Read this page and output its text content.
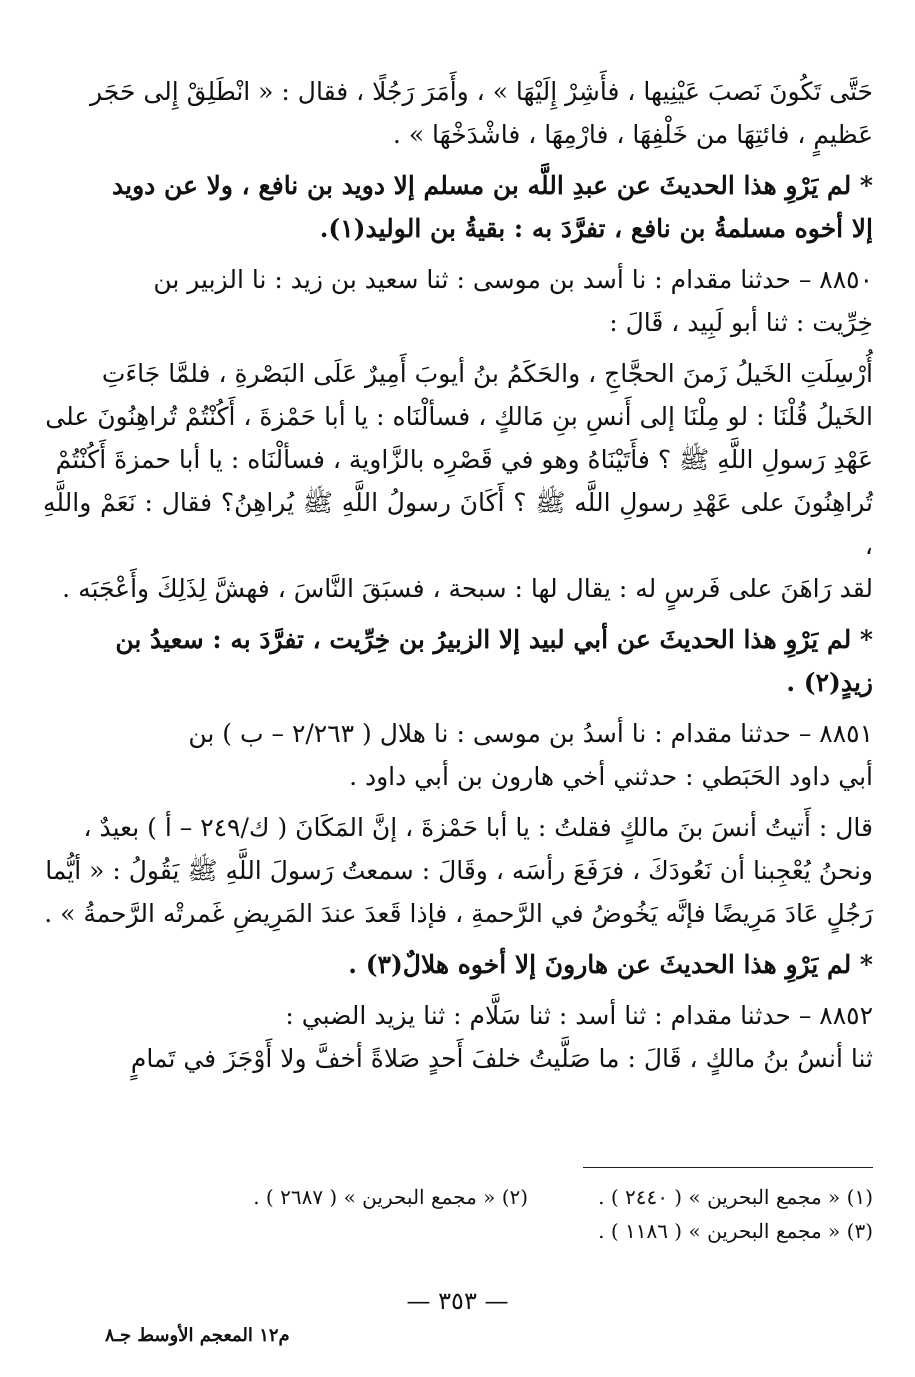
حَتَّى تَكُونَ نَصبَ عَيْنِيها ، فأَشِرْ إِلَيْهَا » ، وأَمَرَ رَجُلًا ، فقال : « انْطَلِقْ إِلى حَجَر
عَظيمٍ ، فائتِهَا من خَلْفِهَا ، فارْمِهَا ، فاشْدَخْهَا » .
* لم يَرْوِ هذا الحديثَ عن عبدِ اللَّه بن مسلم إلا دويد بن نافع ، ولا عن دويد
إلا أخوه مسلمةُ بن نافع ، تفرَّدَ به : بقيةُ بن الوليد(١).
٨٨٥٠ – حدثنا مقدام : نا أسد بن موسى : ثنا سعيد بن زيد : نا الزبير بن
خِرِّيت : ثنا أبو لَبِيد ، قَالَ :
أُرْسِلَتِ الخَيلُ زَمنَ الحجَّاجِ ، والحَكَمُ بنُ أيوبَ أَمِيرٌ عَلَى البَصْرةِ ، فلمَّا جَاءَتِ
الخَيلُ قُلْنَا : لو مِلْنَا إلى أَنسِ بنِ مَالكٍ ، فسألْنَاه : يا أبا حَمْزةَ ، أَكُنْتُمْ تُراهِنُونَ على
عَهْدِ رَسولِ اللَّهِ ﷺ ؟ فأَتَيْنَاهُ وهو في قَصْرِه بالزَّاوية ، فسألْنَاه : يا أبا حمزةَ أَكُنْتُمْ
تُراهِنُونَ على عَهْدِ رسولِ اللَّه ﷺ ؟ أَكَانَ رسولُ اللَّهِ ﷺ يُراهِنُ؟ فقال : نَعَمْ واللَّهِ ،
لقد رَاهَنَ على فَرسٍ له : يقال لها : سبحة ، فسبَقَ النَّاسَ ، فهشَّ لِذَلِكَ وأَعْجَبَه .
* لم يَرْوِ هذا الحديثَ عن أبي لبيد إلا الزبيرُ بن خِرِّيت ، تفرَّدَ به : سعيدُ بن
زيدٍ(٢) .
٨٨٥١ – حدثنا مقدام : نا أسدُ بن موسى : نا هلال ( ٢/٢٦٣ – ب ) بن
أبي داود الحَبَطي : حدثني أخي هارون بن أبي داود .
قال : أَتيتُ أنسَ بنَ مالكٍ فقلتُ : يا أبا حَمْزةَ ، إنَّ المَكَانَ ( ك/٢٤٩ – أ ) بعيدٌ ،
ونحنُ يُعْجِبنا أن نَعُودَكَ ، فرَفَعَ رأسَه ، وقَالَ : سمعتُ رَسولَ اللَّهِ ﷺ يَقُولُ : « أيُّما
رَجُلٍ عَادَ مَرِيضًا فإنَّه يَخُوضُ في الرَّحمةِ ، فإذا قَعدَ عندَ المَرِيضِ غَمرتْه الرَّحمةُ » .
* لم يَرْوِ هذا الحديثَ عن هارونَ إلا أخوه هلالٌ(٣) .
٨٨٥٢ – حدثنا مقدام : ثنا أسد : ثنا سَلَّام : ثنا يزيد الضبي :
ثنا أنسُ بنُ مالكٍ ، قَالَ : ما صَلَّيتُ خلفَ أَحدٍ صَلاةً أخفَّ ولا أَوْجَزَ في تَمامٍ
(١) « مجمع البحرين » ( ٢٤٤٠ ) .
(٢) « مجمع البحرين » ( ٢٦٨٧ ) .
(٣) « مجمع البحرين » ( ١١٨٦ ) .
— ٣٥٣ —
م١٢ المعجم الأوسط جـ٨
